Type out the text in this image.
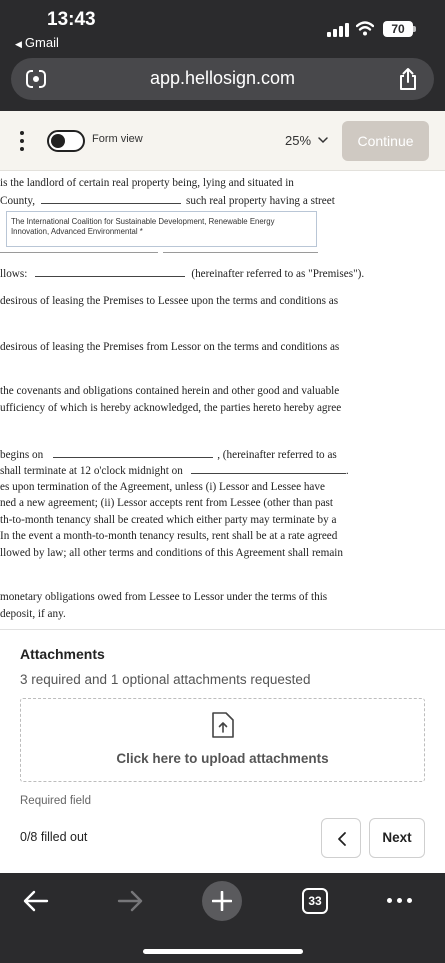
13:43
◀ Gmail
70
app.hellosign.com
Form view	25%	Continue
is the landlord of certain real property being, lying and situated in
County,	such real property having a street
The International Coalition for Sustainable Development, Renewable Energy Innovation, Advanced Environmental *
llows:	(hereinafter referred to as "Premises").
desirous of leasing the Premises to Lessee upon the terms and conditions as
desirous of leasing the Premises from Lessor on the terms and conditions as
the covenants and obligations contained herein and other good and valuable
ufficiency of which is hereby acknowledged, the parties hereto hereby agree
begins on	, (hereinafter referred to as
shall terminate at 12 o'clock midnight on	.
es upon termination of the Agreement, unless (i) Lessor and Lessee have
ned a new agreement; (ii) Lessor accepts rent from Lessee (other than past
th-to-month tenancy shall be created which either party may terminate by a
In the event a month-to-month tenancy results, rent shall be at a rate agreed
llowed by law; all other terms and conditions of this Agreement shall remain
monetary obligations owed from Lessee to Lessor under the terms of this
deposit, if any.
Attachments
3 required and 1 optional attachments requested
Click here to upload attachments
Required field
0/8 filled out	Next
33
